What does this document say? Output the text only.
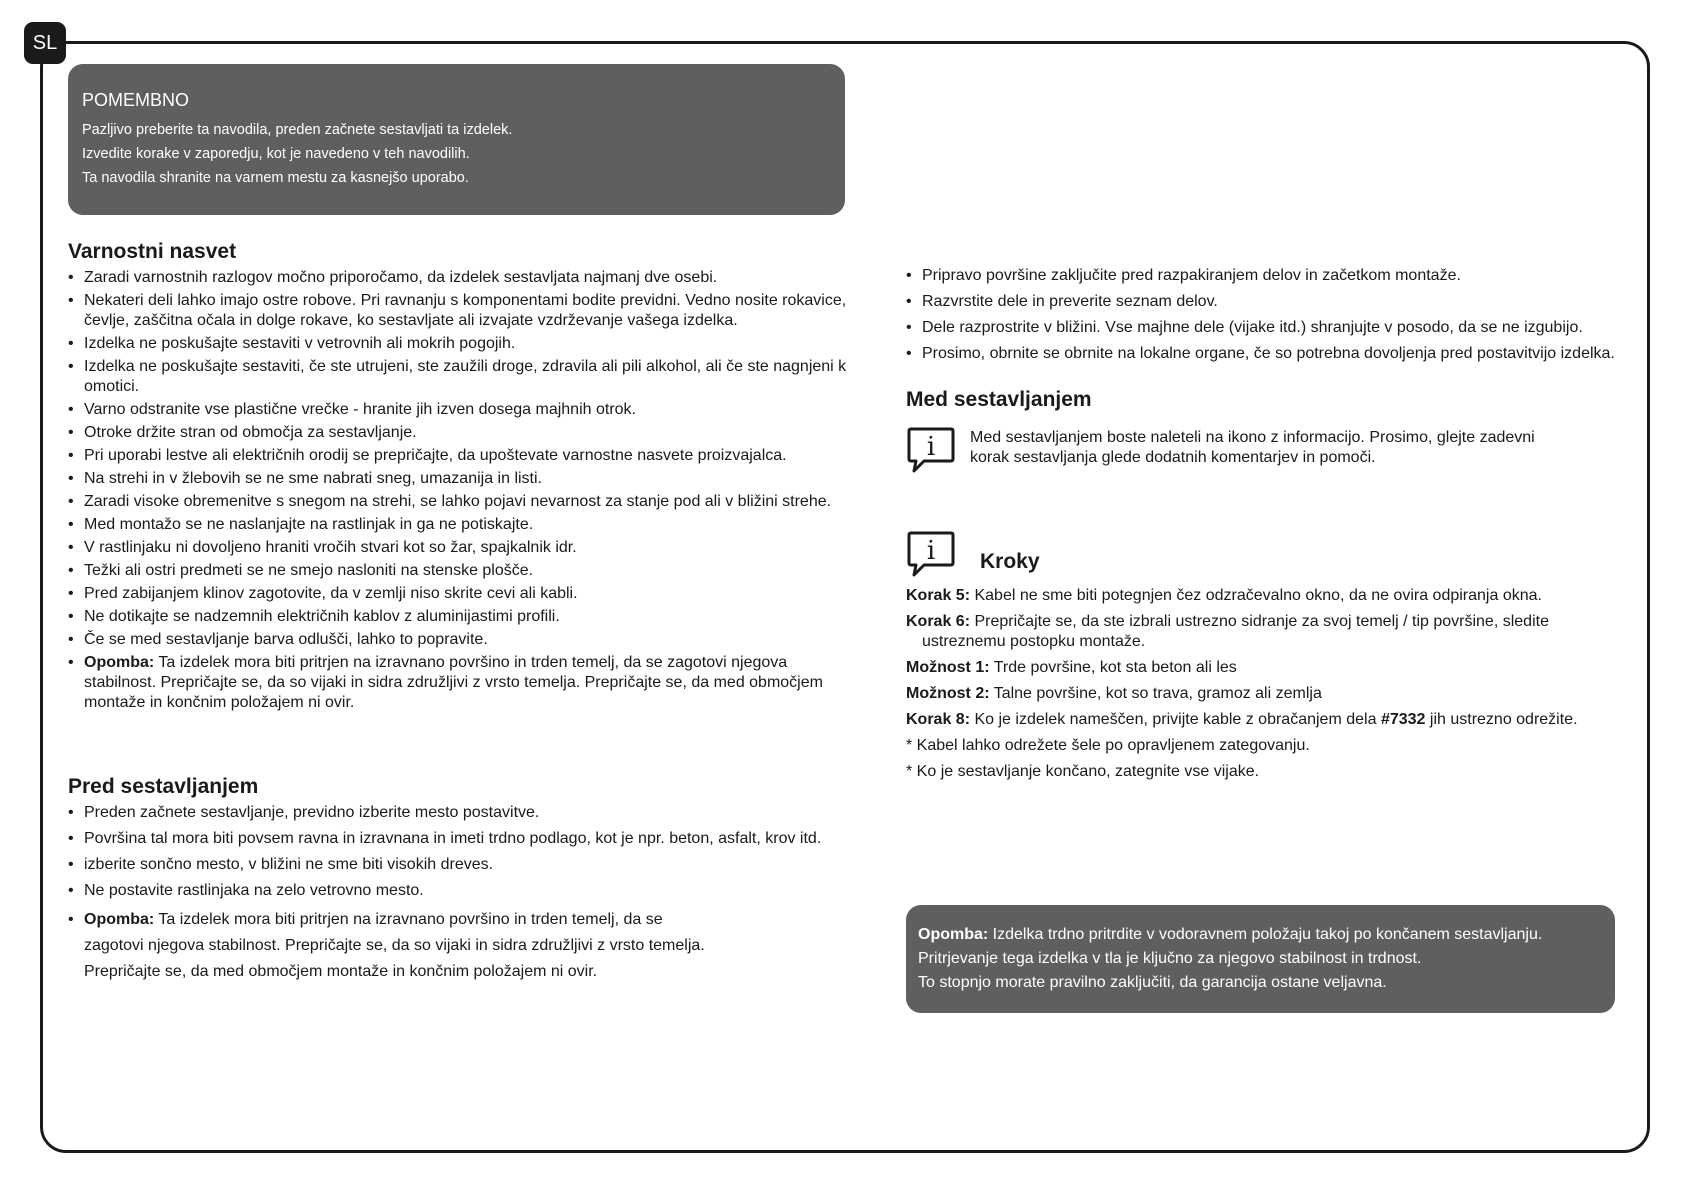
SL
POMEMBNO
Pazljivo preberite ta navodila, preden začnete sestavljati ta izdelek.
Izvedite korake v zaporedju, kot je navedeno v teh navodilih.
Ta navodila shranite na varnem mestu za kasnejšo uporabo.
Varnostni nasvet
• Zaradi varnostnih razlogov močno priporočamo, da izdelek sestavljata najmanj dve osebi.
• Nekateri deli lahko imajo ostre robove. Pri ravnanju s komponentami bodite previdni. Vedno nosite rokavice, čevlje, zaščitna očala in dolge rokave, ko sestavljate ali izvajate vzdrževanje vašega izdelka.
• Izdelka ne poskušajte sestaviti v vetrovnih ali mokrih pogojih.
• Izdelka ne poskušajte sestaviti, če ste utrujeni, ste zaužili droge, zdravila ali pili alkohol, ali če ste nagnjeni k omotici.
• Varno odstranite vse plastične vrečke - hranite jih izven dosega majhnih otrok.
• Otroke držite stran od območja za sestavljanje.
• Pri uporabi lestve ali električnih orodij se prepričajte, da upoštevate varnostne nasvete proizvajalca.
• Na strehi in v žlebovih se ne sme nabrati sneg, umazanija in listi.
• Zaradi visoke obremenitve s snegom na strehi, se lahko pojavi nevarnost za stanje pod ali v bližini strehe.
• Med montažo se ne naslanjajte na rastlinjak in ga ne potiskajte.
• V rastlinjaku ni dovoljeno hraniti vročih stvari kot so žar, spajkalnik idr.
• Težki ali ostri predmeti se ne smejo nasloniti na stenske plošče.
• Pred zabijanjem klinov zagotovite, da v zemlji niso skrite cevi ali kabli.
• Ne dotikajte se nadzemnih električnih kablov z aluminijastimi profili.
• Če se med sestavljanje barva odlušči, lahko to popravite.
• Opomba: Ta izdelek mora biti pritrjen na izravnano površino in trden temelj, da se zagotovi njegova stabilnost. Prepričajte se, da so vijaki in sidra združljivi z vrsto temelja. Prepričajte se, da med območjem montaže in končnim položajem ni ovir.
Pred sestavljanjem
• Preden začnete sestavljanje, previdno izberite mesto postavitve.
• Površina tal mora biti povsem ravna in izravnana in imeti trdno podlago, kot je npr. beton, asfalt, krov itd.
• izberite sončno mesto, v bližini ne sme biti visokih dreves.
• Ne postavite rastlinjaka na zelo vetrovno mesto.
• Opomba: Ta izdelek mora biti pritrjen na izravnano površino in trden temelj, da se
zagotovi njegova stabilnost. Prepričajte se, da so vijaki in sidra združljivi z vrsto temelja.
Prepričajte se, da med območjem montaže in končnim položajem ni ovir.
• Pripravo površine zaključite pred razpakiranjem delov in začetkom montaže.
• Razvrstite dele in preverite seznam delov.
• Dele razprostrite v bližini. Vse majhne dele (vijake itd.) shranjujte v posodo, da se ne izgubijo.
• Prosimo, obrnite se obrnite na lokalne organe, če so potrebna dovoljenja pred postavitvijo izdelka.
Med sestavljanjem
i Med sestavljanjem boste naleteli na ikono z informacijo. Prosimo, glejte zadevni korak sestavljanja glede dodatnih komentarjev in pomoči.
i Kroky
Korak 5: Kabel ne sme biti potegnjen čez odzračevalno okno, da ne ovira odpiranja okna.
Korak 6: Prepričajte se, da ste izbrali ustrezno sidranje za svoj temelj / tip površine, sledite
ustreznemu postopku montaže.
Možnost 1: Trde površine, kot sta beton ali les
Možnost 2: Talne površine, kot so trava, gramoz ali zemlja
Korak 8: Ko je izdelek nameščen, privijte kable z obračanjem dela #7332 jih ustrezno odrežite.
* Kabel lahko odrežete šele po opravljenem zategovanju.
* Ko je sestavljanje končano, zategnite vse vijake.
Opomba: Izdelka trdno pritrdite v vodoravnem položaju takoj po končanem sestavljanju.
Pritrjevanje tega izdelka v tla je ključno za njegovo stabilnost in trdnost.
To stopnjo morate pravilno zaključiti, da garancija ostane veljavna.
